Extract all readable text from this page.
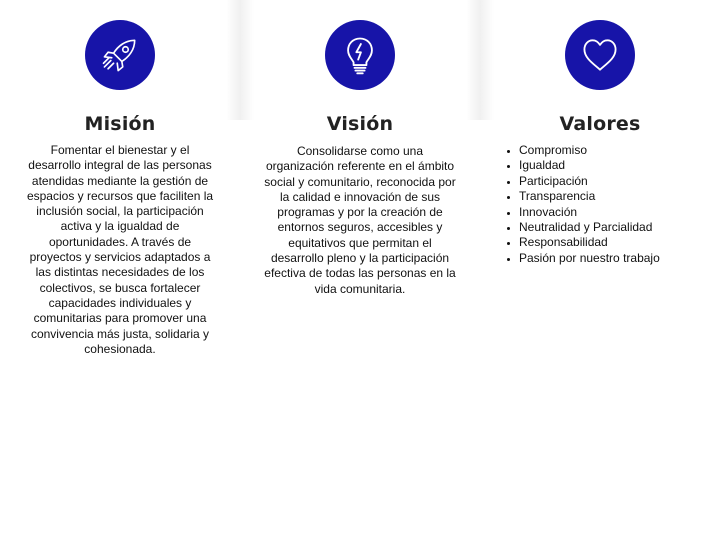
Misión
Fomentar el bienestar y el desarrollo integral de las personas atendidas mediante la gestión de espacios y recursos que faciliten la inclusión social, la participación activa y la igualdad de oportunidades. A través de proyectos y servicios adaptados a las distintas necesidades de los colectivos, se busca fortalecer capacidades individuales y comunitarias para promover una convivencia más justa, solidaria y cohesionada.
Visión
Consolidarse como una organización referente en el ámbito social y comunitario, reconocida por la calidad e innovación de sus programas y por la creación de entornos seguros, accesibles y equitativos que permitan el desarrollo pleno y la participación efectiva de todas las personas en la vida comunitaria.
Valores
Compromiso
Igualdad
Participación
Transparencia
Innovación
Neutralidad y Parcialidad
Responsabilidad
Pasión por nuestro trabajo
